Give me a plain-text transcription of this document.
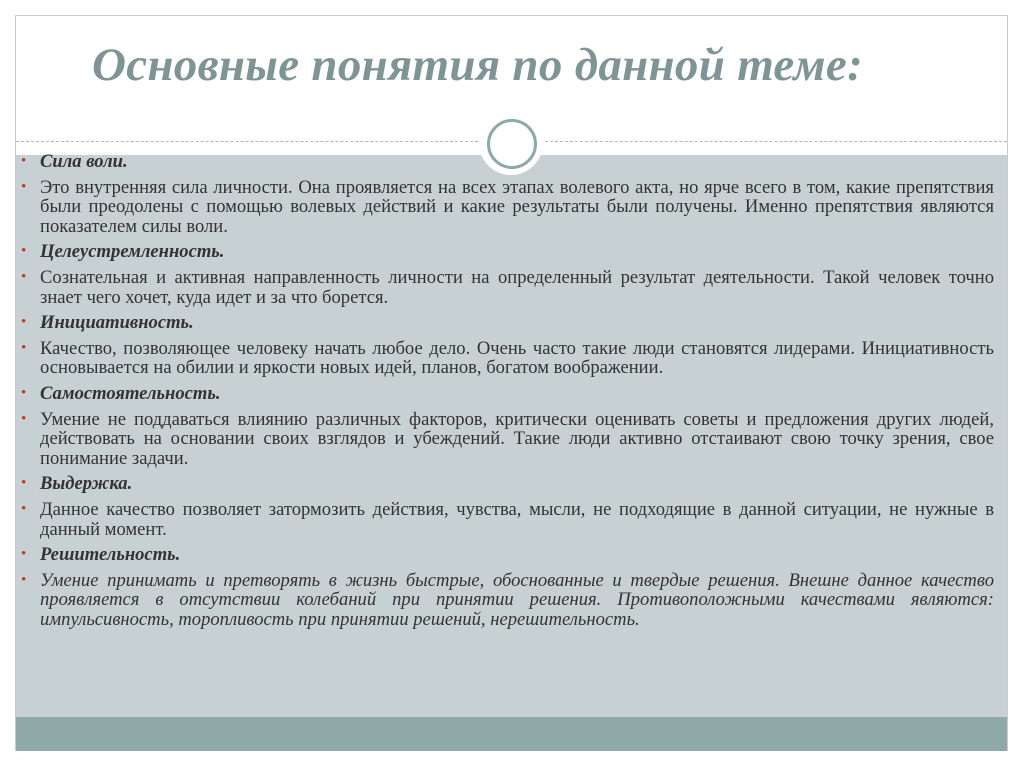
Основные понятия по данной теме:
• Сила воли.
• Это внутренняя сила личности. Она проявляется на всех этапах волевого акта, но ярче всего в том, какие препятствия были преодолены с помощью волевых действий и какие результаты были получены. Именно препятствия являются показателем силы воли.
• Целеустремленность.
• Сознательная и активная направленность личности на определенный результат деятельности. Такой человек точно знает чего хочет, куда идет и за что борется.
• Инициативность.
• Качество, позволяющее человеку начать любое дело. Очень часто такие люди становятся лидерами. Инициативность основывается на обилии и яркости новых идей, планов, богатом воображении.
• Самостоятельность.
• Умение не поддаваться влиянию различных факторов, критически оценивать советы и предложения других людей, действовать на основании своих взглядов и убеждений. Такие люди активно отстаивают свою точку зрения, свое понимание задачи.
• Выдержка.
• Данное качество позволяет затормозить действия, чувства, мысли, не подходящие в данной ситуации, не нужные в данный момент.
• Решительность.
• Умение принимать и претворять в жизнь быстрые, обоснованные и твердые решения. Внешне данное качество проявляется в отсутствии колебаний при принятии решения. Противоположными качествами являются: импульсивность, торопливость при принятии решений, нерешительность.
